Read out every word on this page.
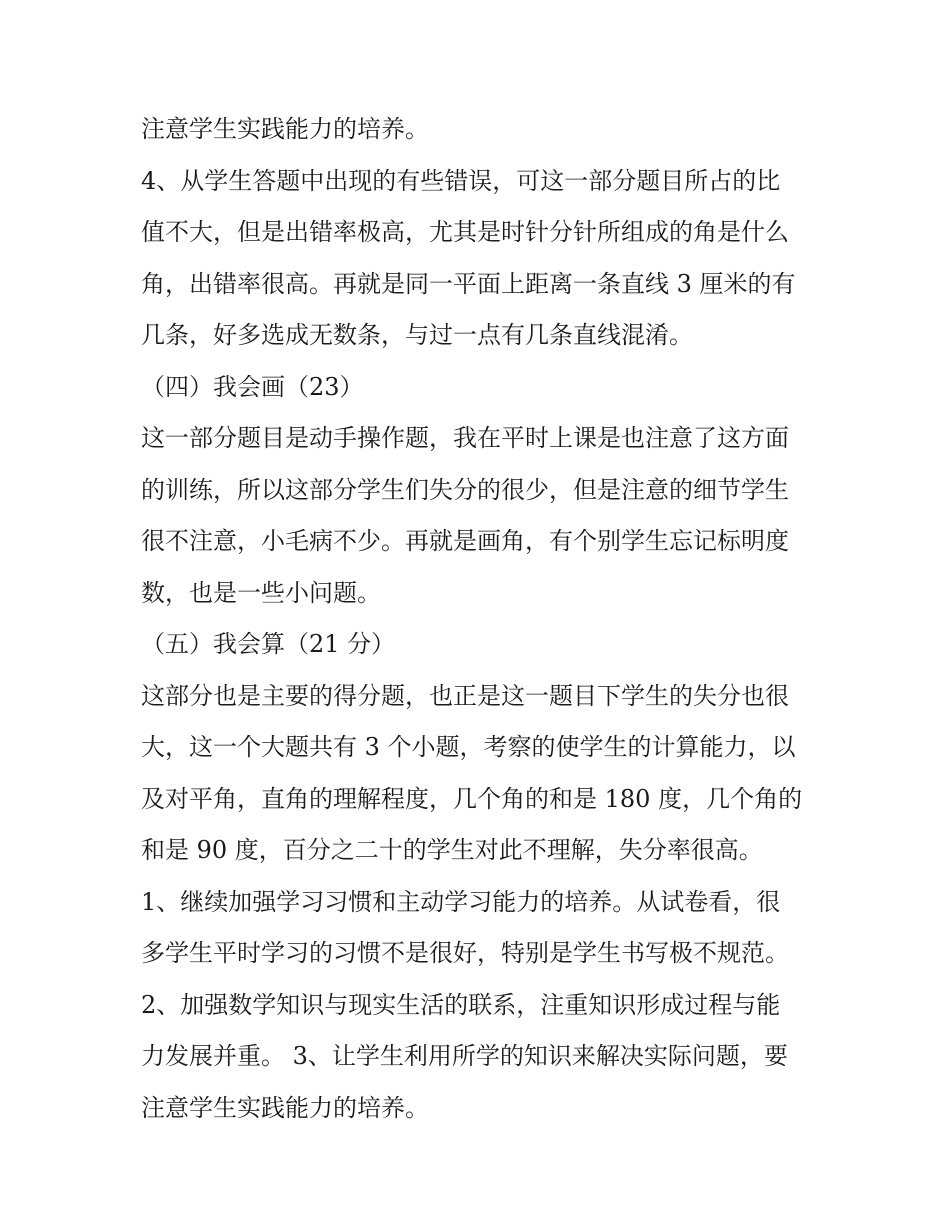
注意学生实践能力的培养。

4、从学生答题中出现的有些错误，可这一部分题目所占的比

值不大，但是出错率极高，尤其是时针分针所组成的角是什么

角，出错率很高。再就是同一平面上距离一条直线 3 厘米的有

几条，好多选成无数条，与过一点有几条直线混淆。

（四）我会画（23）

这一部分题目是动手操作题，我在平时上课是也注意了这方面

的训练，所以这部分学生们失分的很少，但是注意的细节学生

很不注意，小毛病不少。再就是画角，有个别学生忘记标明度

数，也是一些小问题。

（五）我会算（21 分）

这部分也是主要的得分题，也正是这一题目下学生的失分也很

大，这一个大题共有 3 个小题，考察的使学生的计算能力，以

及对平角，直角的理解程度，几个角的和是 180 度，几个角的

和是 90 度，百分之二十的学生对此不理解，失分率很高。

1、继续加强学习习惯和主动学习能力的培养。从试卷看，很

多学生平时学习的习惯不是很好，特别是学生书写极不规范。

2、加强数学知识与现实生活的联系，注重知识形成过程与能

力发展并重。 3、让学生利用所学的知识来解决实际问题，要

注意学生实践能力的培养。
